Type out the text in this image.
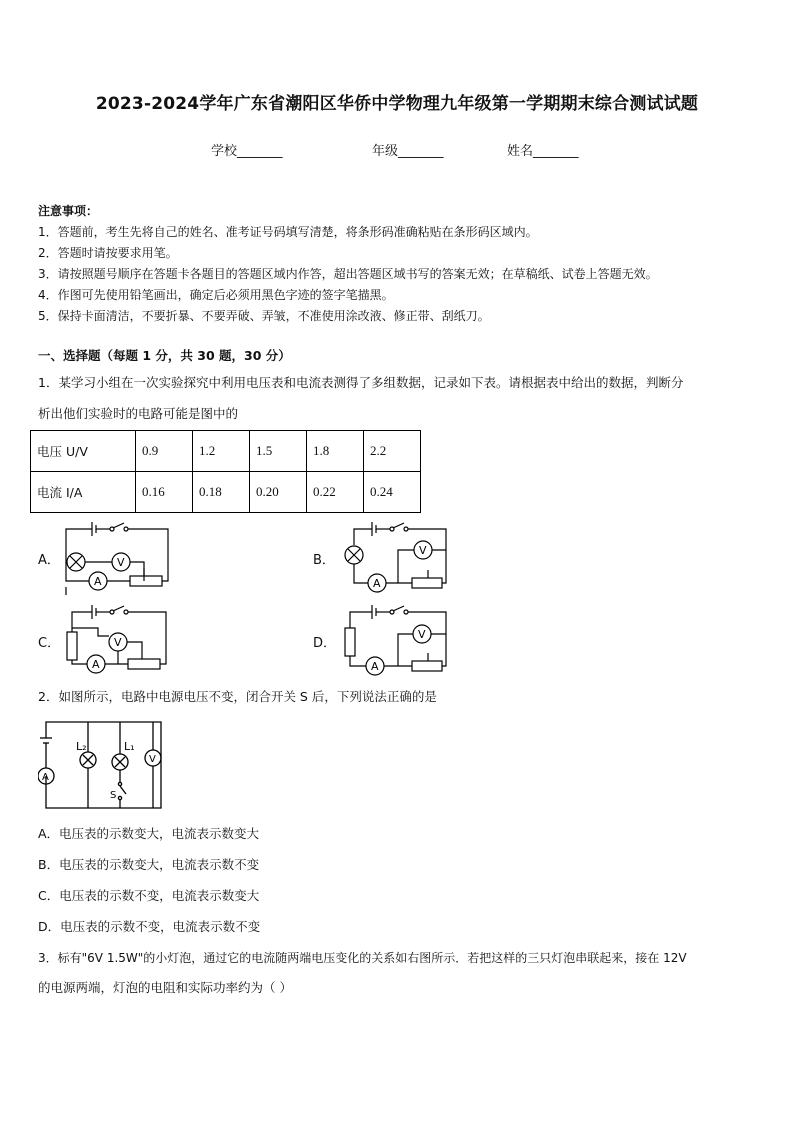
2023-2024学年广东省潮阳区华侨中学物理九年级第一学期期末综合测试试题
学校_______	年级_______	姓名_______
注意事项：
1．答题前，考生先将自己的姓名、准考证号码填写清楚，将条形码准确粘贴在条形码区域内。
2．答题时请按要求用笔。
3．请按照题号顺序在答题卡各题目的答题区域内作答，超出答题区域书写的答案无效；在草稿纸、试卷上答题无效。
4．作图可先使用铅笔画出，确定后必须用黑色字迹的签字笔描黑。
5．保持卡面清洁，不要折暴、不要弄破、弄皱，不准使用涂改液、修正带、刮纸刀。
一、选择题（每题 1 分，共 30 题，30 分）
1．某学习小组在一次实验探究中利用电压表和电流表测得了多组数据，记录如下表。请根据表中给出的数据，判断分
析出他们实验时的电路可能是图中的
电压 U/V	0.9	1.2	1.5	1.8	2.2
电流 I/A	0.16	0.18	0.20	0.22	0.24
A．	B．
C．	D．
V
A
V
A
V
A
V
A
2．如图所示，电路中电源电压不变，闭合开关 S 后，下列说法正确的是
A
V
L₂	L₁
S
A．电压表的示数变大，电流表示数变大
B．电压表的示数变大，电流表示数不变
C．电压表的示数不变，电流表示数变大
D．电压表的示数不变，电流表示数不变
3．标有"6V 1.5W"的小灯泡，通过它的电流随两端电压变化的关系如右图所示．若把这样的三只灯泡串联起来，接在 12V
的电源两端，灯泡的电阻和实际功率约为（ ）
